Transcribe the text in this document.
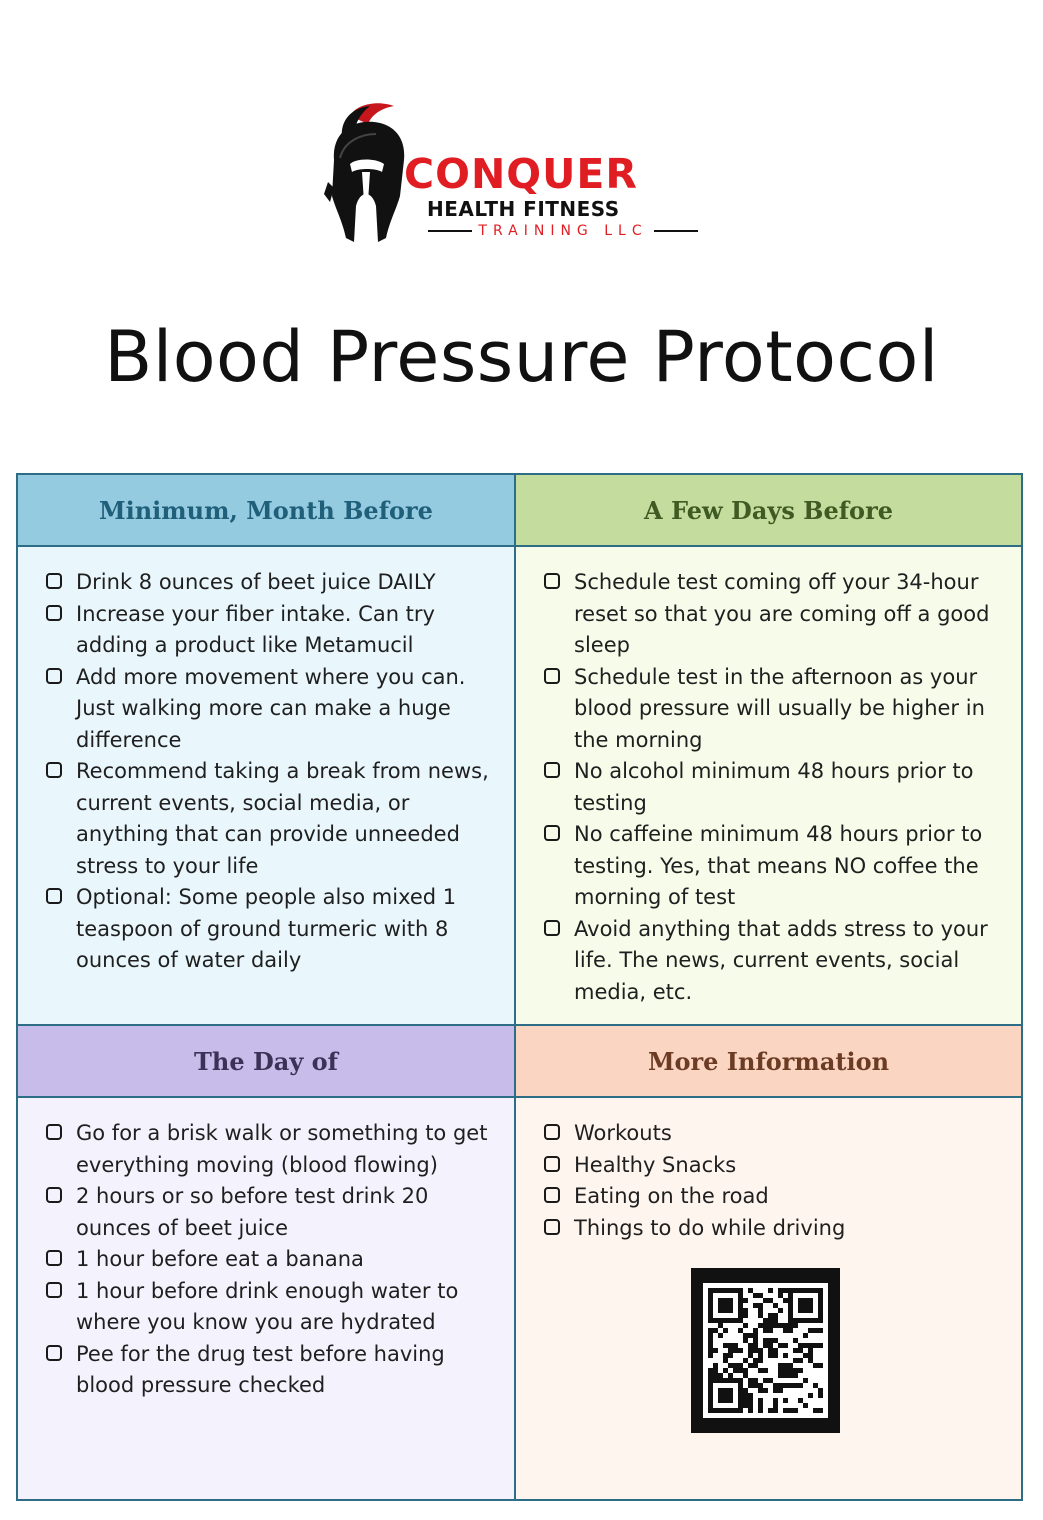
CONQUER

HEALTH FITNESS

TRAINING LLC
Blood Pressure Protocol
Minimum, Month Before
Drink 8 ounces of beet juice DAILY
Increase your fiber intake. Can try adding a product like Metamucil
Add more movement where you can. Just walking more can make a huge difference
Recommend taking a break from news, current events, social media, or anything that can provide unneeded stress to your life
Optional: Some people also mixed 1 teaspoon of ground turmeric with 8 ounces of water daily
A Few Days Before
Schedule test coming off your 34-hour reset so that you are coming off a good sleep
Schedule test in the afternoon as your blood pressure will usually be higher in the morning
No alcohol minimum 48 hours prior to testing
No caffeine minimum 48 hours prior to testing. Yes, that means NO coffee the morning of test
Avoid anything that adds stress to your life. The news, current events, social media, etc.
The Day of
Go for a brisk walk or something to get everything moving (blood flowing)
2 hours or so before test drink 20 ounces of beet juice
1 hour before eat a banana
1 hour before drink enough water to where you know you are hydrated
Pee for the drug test before having blood pressure checked
More Information
Workouts
Healthy Snacks
Eating on the road
Things to do while driving
